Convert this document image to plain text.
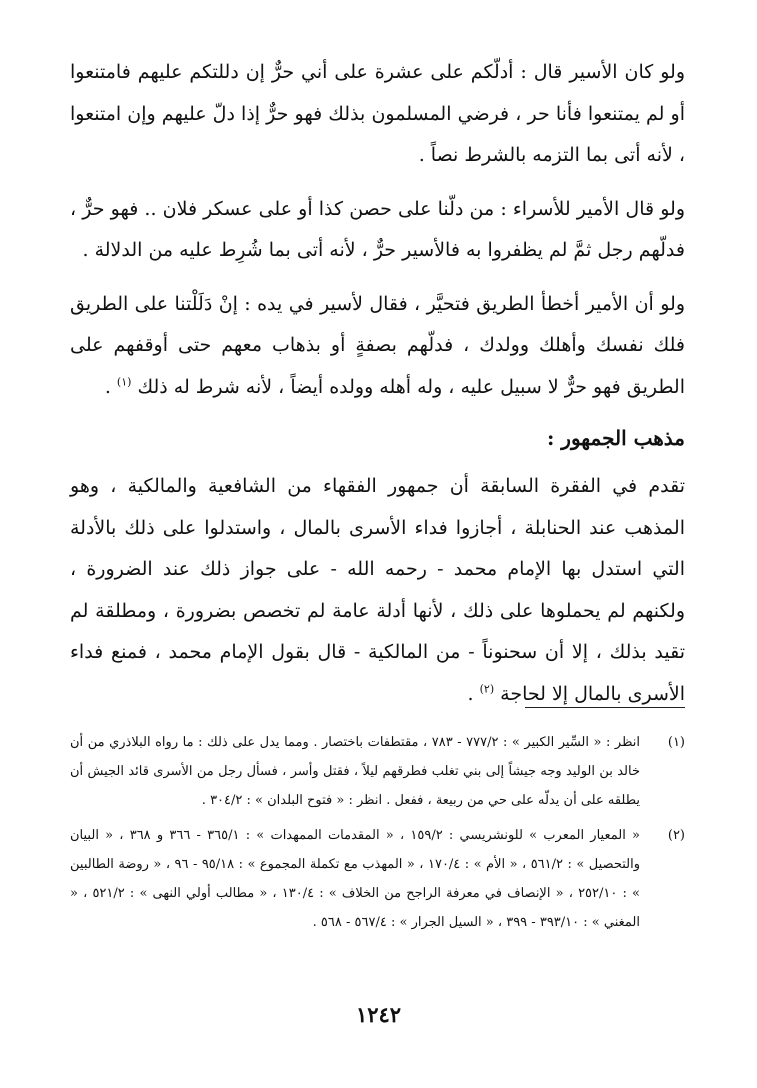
ولو كان الأسير قال : أدلّكم على عشرة على أني حرٌّ إن دللتكم عليهم فامتنعوا أو لم يمتنعوا فأنا حر ، فرضي المسلمون بذلك فهو حرٌّ إذا دلّ عليهم وإن امتنعوا ، لأنه أتى بما التزمه بالشرط نصاً .

ولو قال الأمير للأسراء : من دلّنا على حصن كذا أو على عسكر فلان .. فهو حرٌّ ، فدلّهم رجل ثمَّ لم يظفروا به فالأسير حرٌّ ، لأنه أتى بما شُرِط عليه من الدلالة .

ولو أن الأمير أخطأ الطريق فتحيَّر ، فقال لأسير في يده : إنْ دَلَلْتنا على الطريق فلك نفسك وأهلك وولدك ، فدلّهم بصفةٍ أو بذهاب معهم حتى أوقفهم على الطريق فهو حرٌّ لا سبيل عليه ، وله أهله وولده أيضاً ، لأنه شرط له ذلك $^{(١)}$ .

مذهب الجمهور :

تقدم في الفقرة السابقة أن جمهور الفقهاء من الشافعية والمالكية ، وهو المذهب عند الحنابلة ، أجازوا فداء الأسرى بالمال ، واستدلوا على ذلك بالأدلة التي استدل بها الإمام محمد - رحمه الله - على جواز ذلك عند الضرورة ، ولكنهم لم يحملوها على ذلك ، لأنها أدلة عامة لم تخصص بضرورة ، ومطلقة لم تقيد بذلك ، إلا أن سحنوناً - من المالكية - قال بقول الإمام محمد ، فمنع فداء الأسرى بالمال إلا لحاجة $^{(٢)}$ .

(١)
انظر : « السِّير الكبير » : ٧٧٧/٢ - ٧٨٣ ، مقتطفات باختصار . ومما يدل على ذلك : ما رواه البلاذري من أن خالد بن الوليد وجه جيشاً إلى بني تغلب فطرقهم ليلاً ، فقتل وأسر ، فسأل رجل من الأسرى قائد الجيش أن يطلقه على أن يدلّه على حي من ربيعة ، ففعل . انظر : « فتوح البلدان » : ٣٠٤/٢ .
(٢)
« المعيار المعرب » للونشريسي : ١٥٩/٢ ، « المقدمات الممهدات » : ٣٦٥/١ - ٣٦٦ و ٣٦٨ ، « البيان والتحصيل » : ٥٦١/٢ ، « الأم » : ١٧٠/٤ ، « المهذب مع تكملة المجموع » : ٩٥/١٨ - ٩٦ ، « روضة الطالبين » : ٢٥٢/١٠ ، « الإنصاف في معرفة الراجح من الخلاف » : ١٣٠/٤ ، « مطالب أولي النهى » : ٥٢١/٢ ، « المغني » : ٣٩٣/١٠ - ٣٩٩ ، « السيل الجرار » : ٥٦٧/٤ - ٥٦٨ .
١٢٤٢
